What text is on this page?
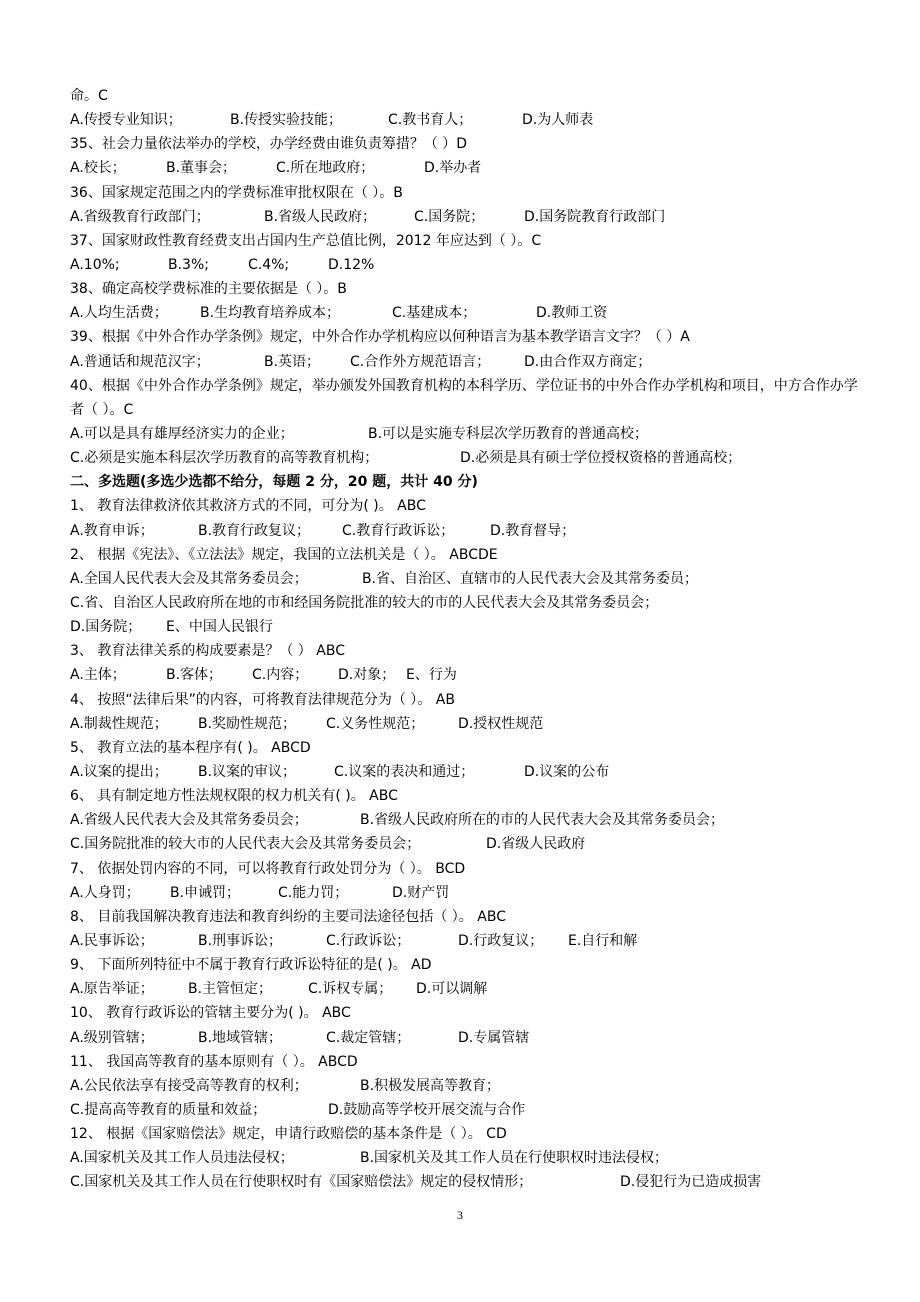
命。C
A.传授专业知识；	B.传授实验技能；	C.教书育人；	D.为人师表
35、社会力量依法举办的学校，办学经费由谁负责筹措？（ ）D
A.校长；	B.董事会；	C.所在地政府；	D.举办者
36、国家规定范围之内的学费标准审批权限在（ ）。B
A.省级教育行政部门；	B.省级人民政府；	C.国务院；	D.国务院教育行政部门
37、国家财政性教育经费支出占国内生产总值比例，2012 年应达到（ ）。C
A.10%;	B.3%;	C.4%;	D.12%
38、确定高校学费标准的主要依据是（ ）。B
A.人均生活费； B.生均教育培养成本；	C.基建成本；	D.教师工资
39、根据《中外合作办学条例》规定，中外合作办学机构应以何种语言为基本教学语言文字？（ ）A
A.普通话和规范汉字；	B.英语； C.合作外方规范语言； D.由合作双方商定；
40、根据《中外合作办学条例》规定，举办颁发外国教育机构的本科学历、学位证书的中外合作办学机构和项目，中方合作办学者（ ）。C
A.可以是具有雄厚经济实力的企业；	B.可以是实施专科层次学历教育的普通高校；
C.必须是实施本科层次学历教育的高等教育机构；	D.必须是具有硕士学位授权资格的普通高校；
二、多选题(多选少选都不给分，每题 2 分，20 题，共计 40 分)
1、 教育法律救济依其救济方式的不同，可分为( )。 ABC
A.教育申诉；	B.教育行政复议； C.教育行政诉讼；	D.教育督导；
2、 根据《宪法》、《立法法》规定，我国的立法机关是（ ）。 ABCDE
A.全国人民代表大会及其常务委员会；	B.省、自治区、直辖市的人民代表大会及其常务委员；
C.省、自治区人民政府所在地的市和经国务院批准的较大的市的人民代表大会及其常务委员会；
D.国务院； E、中国人民银行
3、 教育法律关系的构成要素是？（ ） ABC
A.主体；	B.客体； C.内容； D.对象； E、行为
4、 按照“法律后果”的内容，可将教育法律规范分为（ ）。 AB
A.制裁性规范； B.奖励性规范； C.义务性规范； D.授权性规范
5、 教育立法的基本程序有( )。 ABCD
A.议案的提出； B.议案的审议；	C.议案的表决和通过；	D.议案的公布
6、 具有制定地方性法规权限的权力机关有( )。 ABC
A.省级人民代表大会及其常务委员会；	B.省级人民政府所在的市的人民代表大会及其常务委员会；
C.国务院批准的较大市的人民代表大会及其常务委员会；	D.省级人民政府
7、 依据处罚内容的不同，可以将教育行政处罚分为（ ）。 BCD
A.人身罚； B.申诫罚；	C.能力罚；	D.财产罚
8、 目前我国解决教育违法和教育纠纷的主要司法途径包括（ ）。 ABC
A.民事诉讼；	B.刑事诉讼；	C.行政诉讼；	D.行政复议； E.自行和解
9、 下面所列特征中不属于教育行政诉讼特征的是( )。 AD
A.原告举证； B.主管恒定；	C.诉权专属； D.可以调解
10、 教育行政诉讼的管辖主要分为( )。 ABC
A.级别管辖；	B.地域管辖；	C.裁定管辖；	D.专属管辖
11、 我国高等教育的基本原则有（ ）。 ABCD
A.公民依法享有接受高等教育的权利；	B.积极发展高等教育；
C.提高高等教育的质量和效益；	D.鼓励高等学校开展交流与合作
12、 根据《国家赔偿法》规定，申请行政赔偿的基本条件是（ ）。 CD
A.国家机关及其工作人员违法侵权；	B.国家机关及其工作人员在行使职权时违法侵权；
C.国家机关及其工作人员在行使职权时有《国家赔偿法》规定的侵权情形；	D.侵犯行为已造成损害
3
